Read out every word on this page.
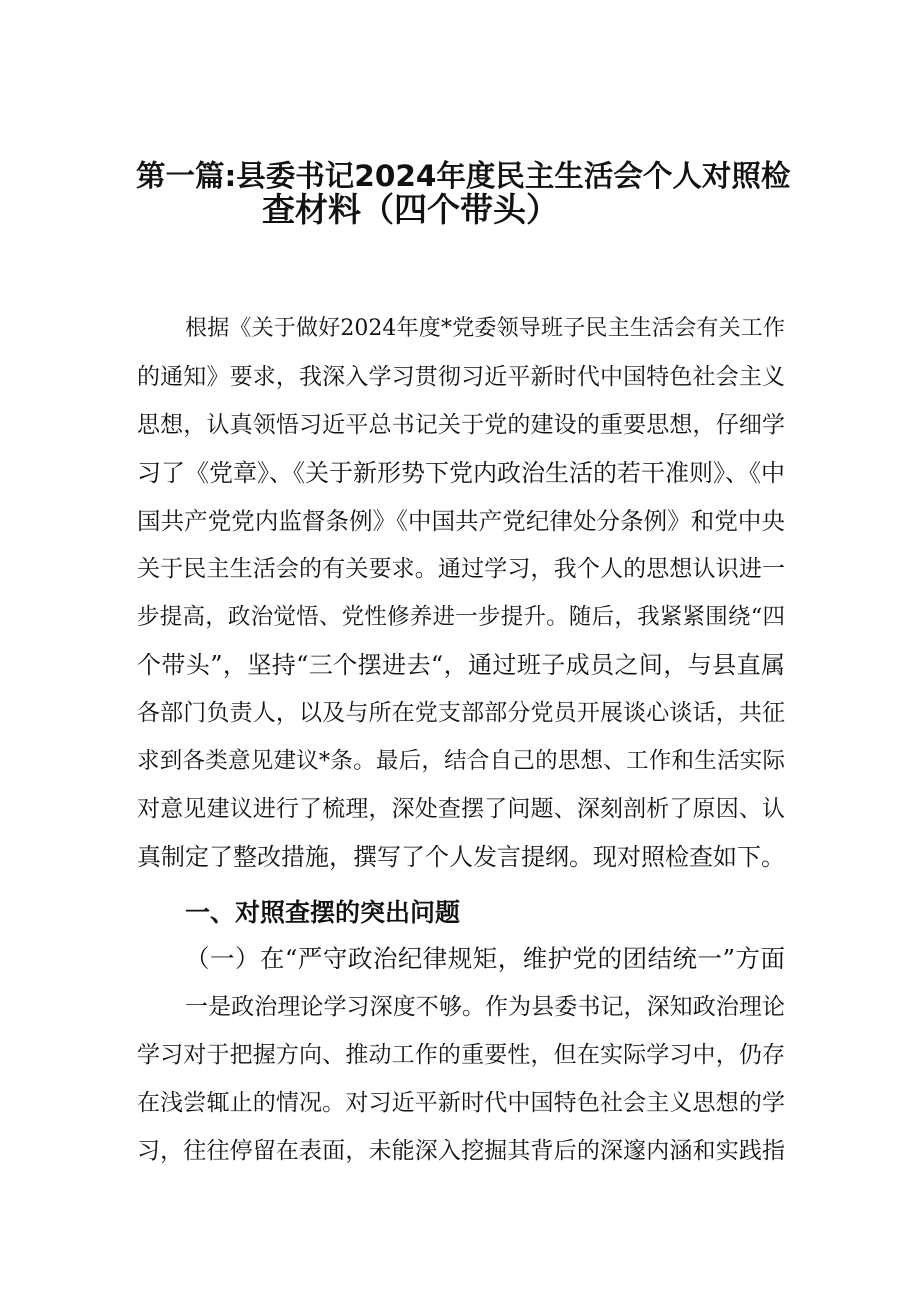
第一篇:县委书记2024年度民主生活会个人对照检
查材料（四个带头）
根据《关于做好2024年度*党委领导班子民主生活会有关工作
的通知》要求，我深入学习贯彻习近平新时代中国特色社会主义
思想，认真领悟习近平总书记关于党的建设的重要思想，仔细学
习了《党章》、《关于新形势下党内政治生活的若干准则》、《中
国共产党党内监督条例》《中国共产党纪律处分条例》和党中央
关于民主生活会的有关要求。通过学习，我个人的思想认识进一
步提高，政治觉悟、党性修养进一步提升。随后，我紧紧围绕“四
个带头”，坚持“三个摆进去“，通过班子成员之间，与县直属
各部门负责人，以及与所在党支部部分党员开展谈心谈话，共征
求到各类意见建议*条。最后，结合自己的思想、工作和生活实际
对意见建议进行了梳理，深处查摆了问题、深刻剖析了原因、认
真制定了整改措施，撰写了个人发言提纲。现对照检查如下。
一、对照查摆的突出问题
（一）在“严守政治纪律规矩，维护党的团结统一”方面
一是政治理论学习深度不够。作为县委书记，深知政治理论
学习对于把握方向、推动工作的重要性，但在实际学习中，仍存
在浅尝辄止的情况。对习近平新时代中国特色社会主义思想的学
习，往往停留在表面，未能深入挖掘其背后的深邃内涵和实践指
